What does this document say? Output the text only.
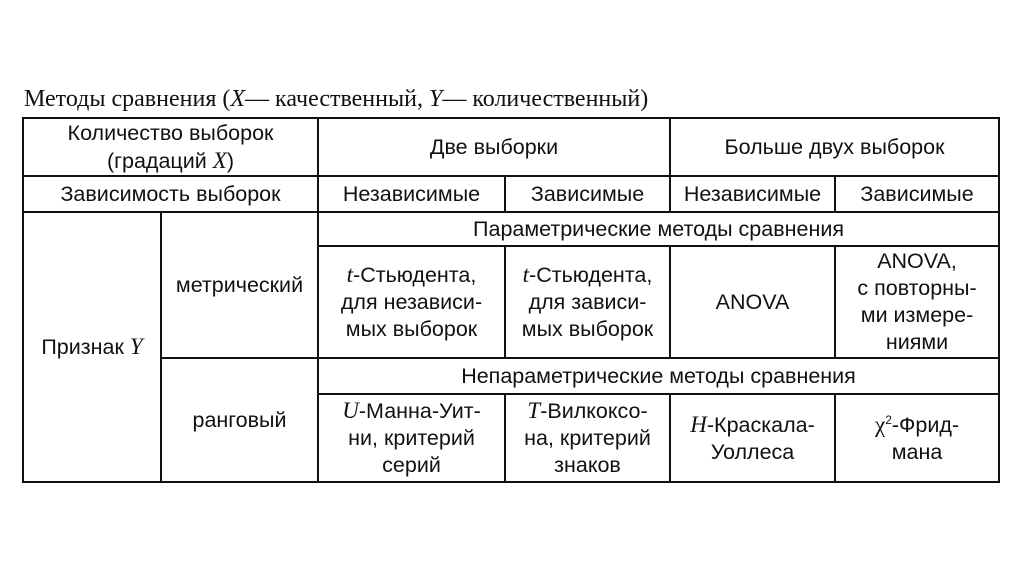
Методы сравнения (X— качественный, Y— количественный)
Количество выборок
(градаций X)		Две выборки		Больше двух выборок	
Зависимость выборок		Независимые	Зависимые	Независимые	Зависимые
Признак Y	метрический	Параметрические методы сравнения			
		t-Стьюдента,
для независи-
мых выборок	t-Стьюдента,
для зависи-
мых выборок	ANOVA	ANOVA,
с повторны-
ми измере-
ниями
	ранговый	Непараметрические методы сравнения			
		U-Манна-Уит-
ни, критерий
серий	T-Вилкоксо-
на, критерий
знаков	H-Краскала-
Уоллеса	$\chi^2-Фрид-$
мана
